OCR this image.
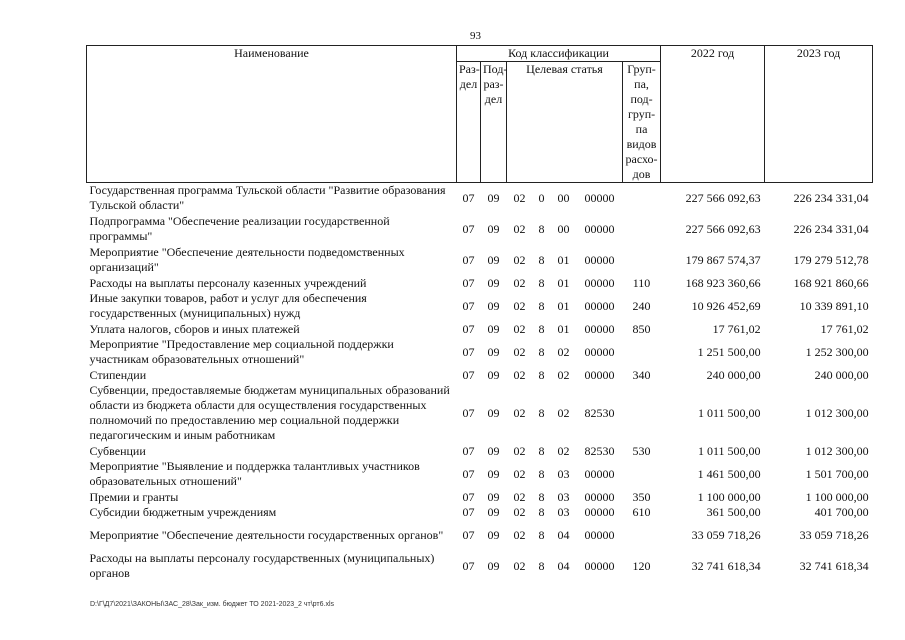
93
Наименование	Код классификации							2022 год	2023 год
	Раз-дел	Под-раз-дел	Целевая статья				Груп-па, под-груп-па видов расхо-дов		
Государственная программа Тульской области "Развитие образования Тульской области"	07	09	02	0	00	00000		227 566 092,63	226 234 331,04
Подпрограмма "Обеспечение реализации государственной программы"	07	09	02	8	00	00000		227 566 092,63	226 234 331,04
Мероприятие "Обеспечение деятельности подведомственных организаций"	07	09	02	8	01	00000		179 867 574,37	179 279 512,78
Расходы на выплаты персоналу казенных учреждений	07	09	02	8	01	00000	110	168 923 360,66	168 921 860,66
Иные закупки товаров, работ и услуг для обеспечения государственных (муниципальных) нужд	07	09	02	8	01	00000	240	10 926 452,69	10 339 891,10
Уплата налогов, сборов и иных платежей	07	09	02	8	01	00000	850	17 761,02	17 761,02
Мероприятие "Предоставление мер социальной поддержки участникам образовательных отношений"	07	09	02	8	02	00000		1 251 500,00	1 252 300,00
Стипендии	07	09	02	8	02	00000	340	240 000,00	240 000,00
Субвенции, предоставляемые бюджетам муниципальных образований области из бюджета области для осуществления государственных полномочий по предоставлению мер социальной поддержки педагогическим и иным работникам	07	09	02	8	02	82530		1 011 500,00	1 012 300,00
Субвенции	07	09	02	8	02	82530	530	1 011 500,00	1 012 300,00
Мероприятие "Выявление и поддержка талантливых участников образовательных отношений"	07	09	02	8	03	00000		1 461 500,00	1 501 700,00
Премии и гранты	07	09	02	8	03	00000	350	1 100 000,00	1 100 000,00
Субсидии бюджетным учреждениям	07	09	02	8	03	00000	610	361 500,00	401 700,00
Мероприятие "Обеспечение деятельности государственных органов"	07	09	02	8	04	00000		33 059 718,26	33 059 718,26
Расходы на выплаты персоналу государственных (муниципальных) органов	07	09	02	8	04	00000	120	32 741 618,34	32 741 618,34
D:\Г\Д7\2021\ЗАКОНЫ\ЗАС_28\Зак_изм. бюджет ТО 2021-2023_2 чт\рт6.xls
